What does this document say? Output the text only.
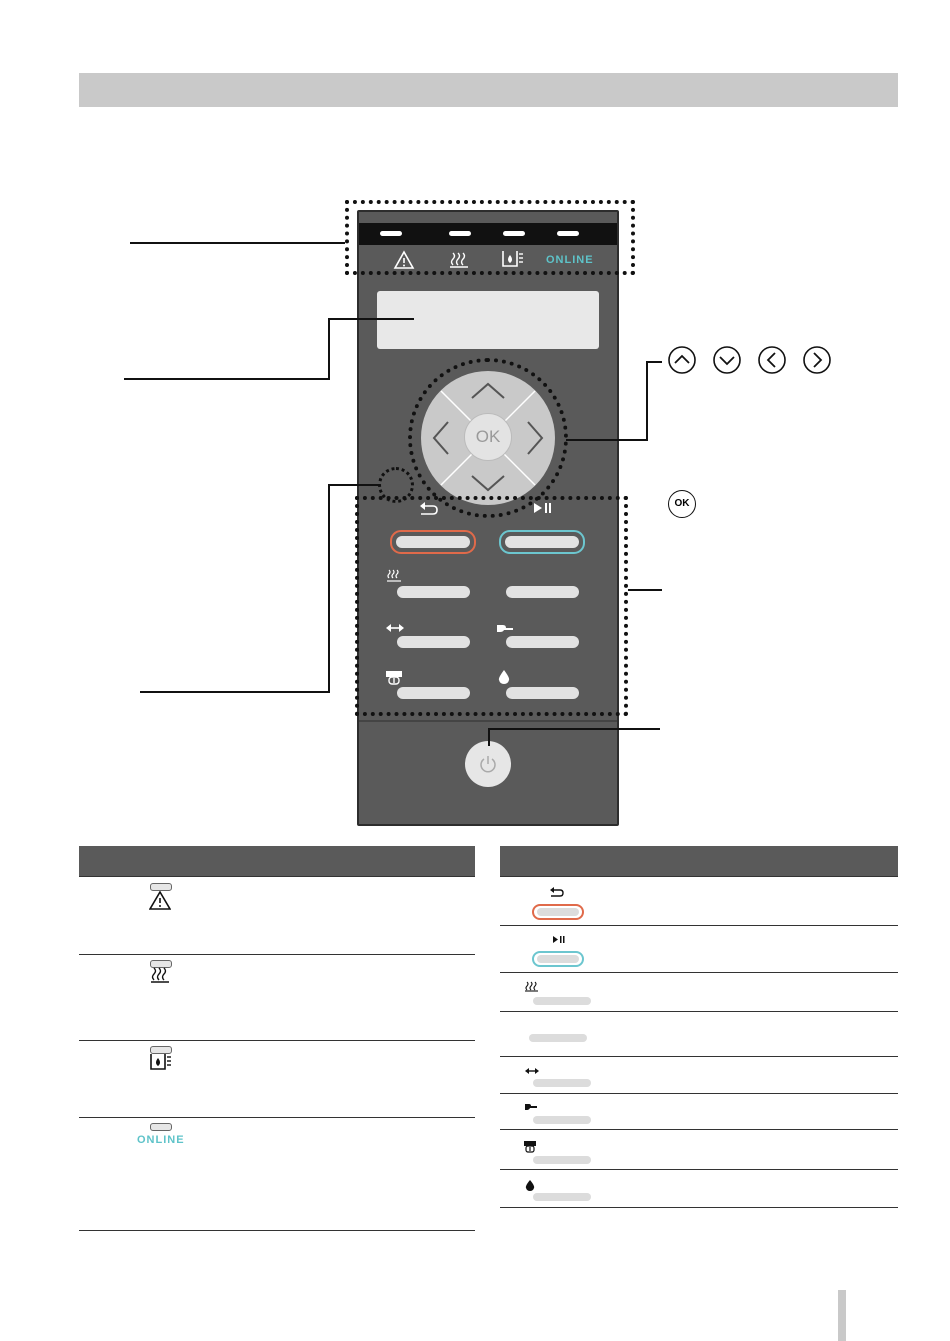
ONLINE
OK
OK
ONLINE
